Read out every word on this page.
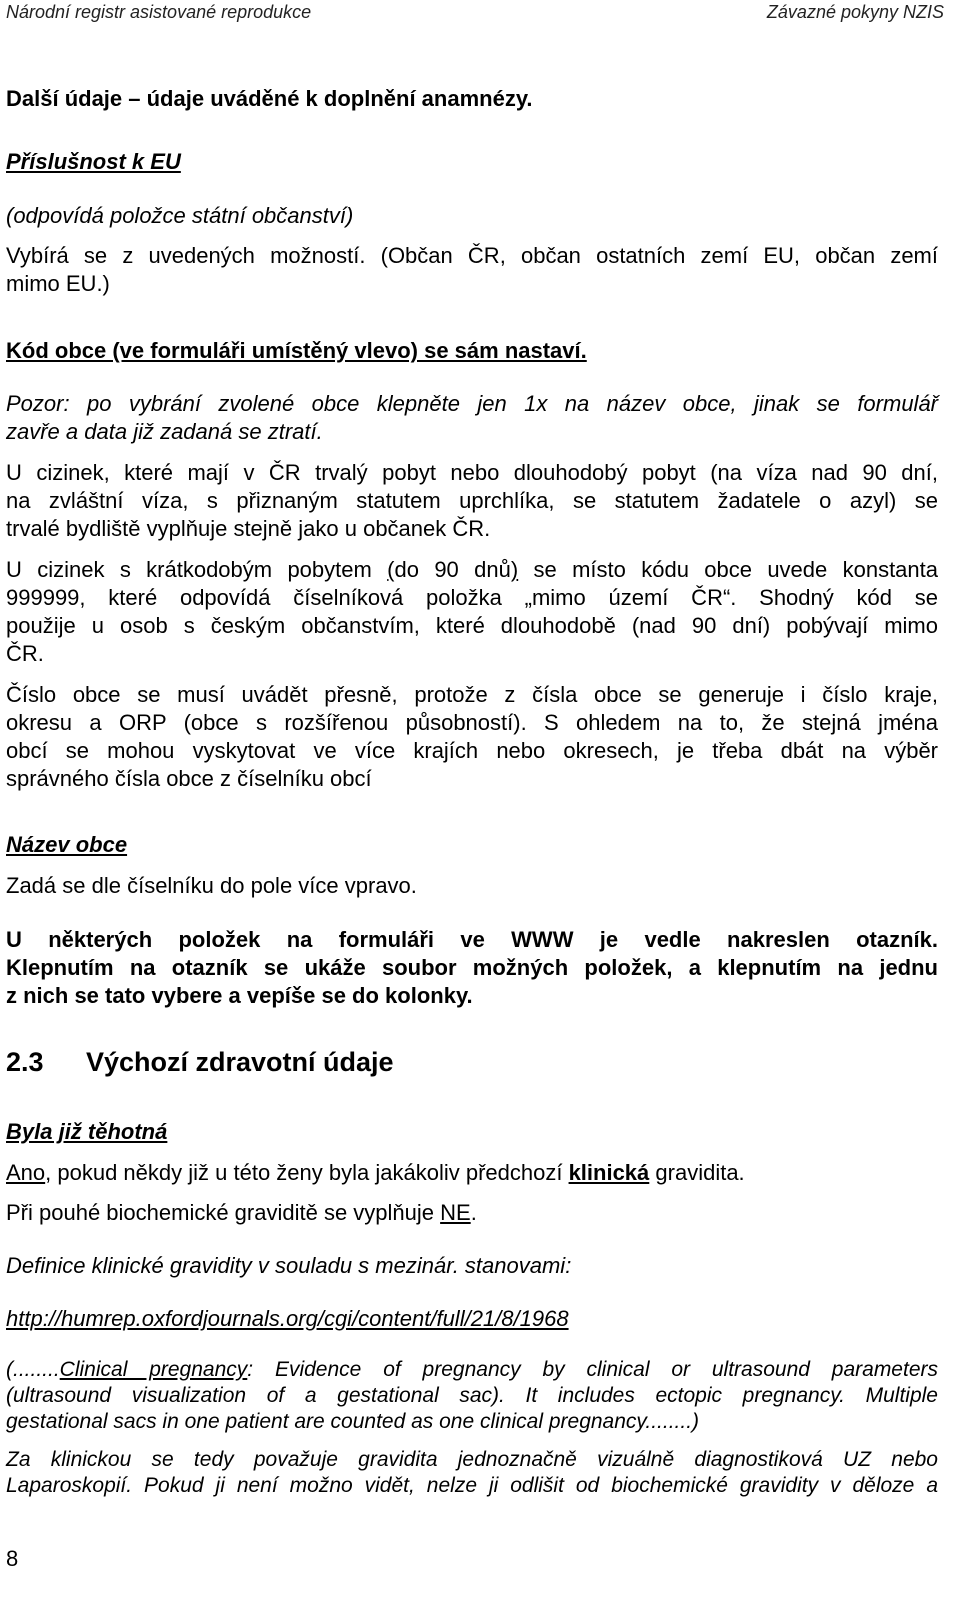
Národní registr asistované reprodukce	Závazné pokyny NZIS

Další údaje – údaje uváděné k doplnění anamnézy.

Příslušnost k EU

(odpovídá položce státní občanství)

Vybírá se z uvedených možností. (Občan ČR, občan ostatních zemí EU, občan zemí

mimo EU.)

Kód obce (ve formuláři umístěný vlevo) se sám nastaví.

Pozor: po vybrání zvolené obce klepněte jen 1x na název obce, jinak se formulář

zavře a data již zadaná se ztratí.

U cizinek, které mají v ČR trvalý pobyt nebo dlouhodobý pobyt (na víza nad 90 dní,

na zvláštní víza, s přiznaným statutem uprchlíka, se statutem žadatele o azyl) se

trvalé bydliště vyplňuje stejně jako u občanek ČR.

U cizinek s krátkodobým pobytem (do 90 dnů) se místo kódu obce uvede konstanta

999999, které odpovídá číselníková položka „mimo území ČR“. Shodný kód se

použije u osob s českým občanstvím, které dlouhodobě (nad 90 dní) pobývají mimo

ČR.

Číslo obce se musí uvádět přesně, protože z čísla obce se generuje i číslo kraje,

okresu a ORP (obce s rozšířenou působností). S ohledem na to, že stejná jména

obcí se mohou vyskytovat ve více krajích nebo okresech, je třeba dbát na výběr

správného čísla obce z číselníku obcí

Název obce

Zadá se dle číselníku do pole více vpravo.

U některých položek na formuláři ve WWW je vedle nakreslen otazník.

Klepnutím na otazník se ukáže soubor možných položek, a klepnutím na jednu

z nich se tato vybere a vepíše se do kolonky.

2.3 Výchozí zdravotní údaje

Byla již těhotná

Ano, pokud někdy již u této ženy byla jakákoliv předchozí klinická gravidita.

Při pouhé biochemické graviditě se vyplňuje NE.

Definice klinické gravidity v souladu s mezinár. stanovami:

http://humrep.oxfordjournals.org/cgi/content/full/21/8/1968

(........Clinical pregnancy: Evidence of pregnancy by clinical or ultrasound parameters

(ultrasound visualization of a gestational sac). It includes ectopic pregnancy. Multiple

gestational sacs in one patient are counted as one clinical pregnancy........)

Za klinickou se tedy považuje gravidita jednoznačně vizuálně diagnostiková UZ nebo

Laparoskopií. Pokud ji není možno vidět, nelze ji odlišit od biochemické gravidity v děloze a

8
